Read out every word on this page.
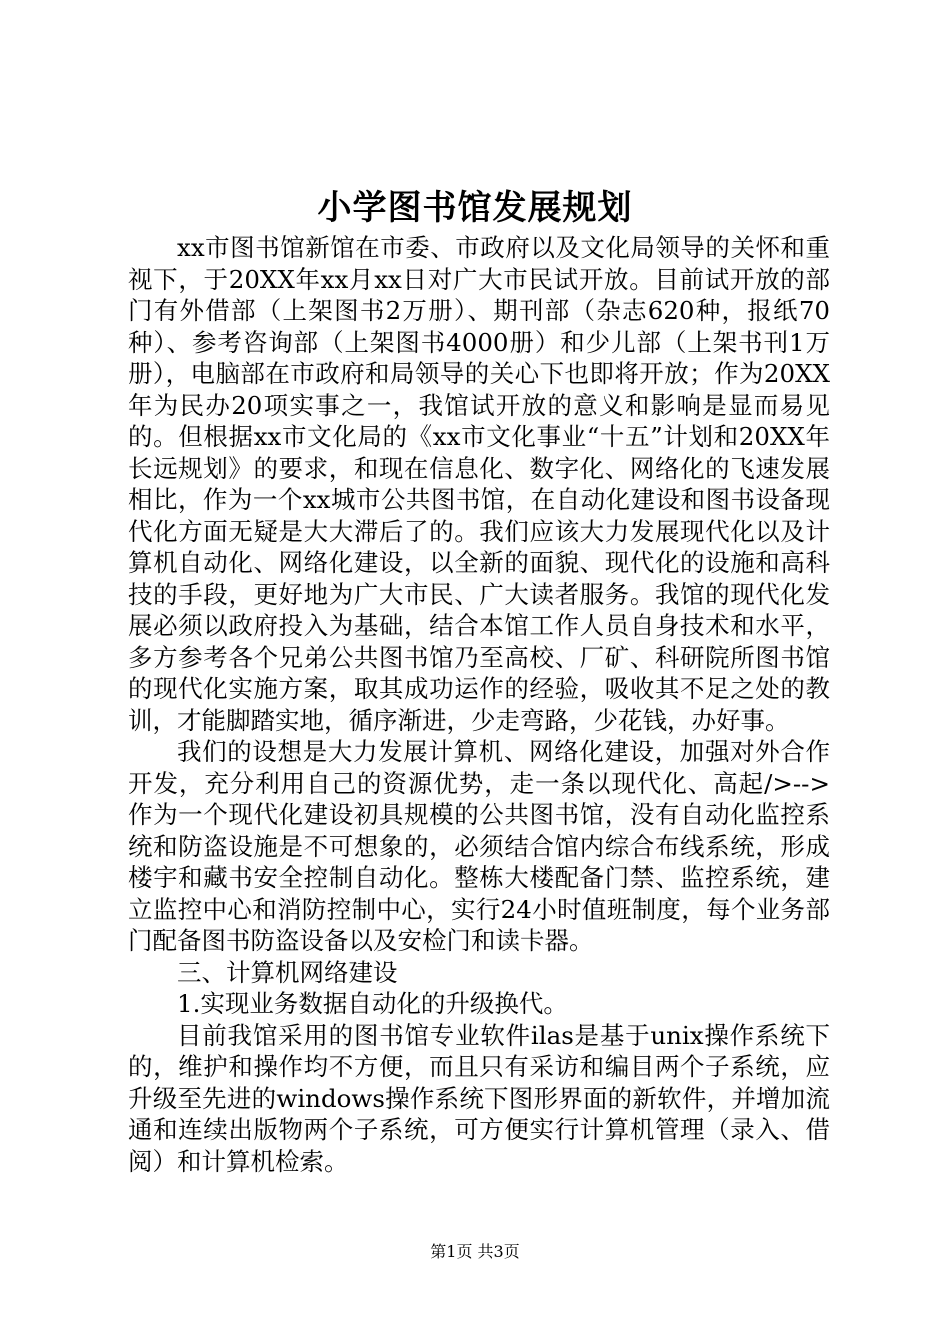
小学图书馆发展规划

xx市图书馆新馆在市委、市政府以及文化局领导的关怀和重视下，于20XX年xx月xx日对广大市民试开放。目前试开放的部门有外借部（上架图书2万册）、期刊部（杂志620种，报纸70种）、参考咨询部（上架图书4000册）和少儿部（上架书刊1万册），电脑部在市政府和局领导的关心下也即将开放；作为20XX年为民办20项实事之一，我馆试开放的意义和影响是显而易见的。但根据xx市文化局的《xx市文化事业“十五”计划和20XX年长远规划》的要求，和现在信息化、数字化、网络化的飞速发展相比，作为一个xx城市公共图书馆，在自动化建设和图书设备现代化方面无疑是大大滞后了的。我们应该大力发展现代化以及计算机自动化、网络化建设，以全新的面貌、现代化的设施和高科技的手段，更好地为广大市民、广大读者服务。我馆的现代化发展必须以政府投入为基础，结合本馆工作人员自身技术和水平，多方参考各个兄弟公共图书馆乃至高校、厂矿、科研院所图书馆的现代化实施方案，取其成功运作的经验，吸收其不足之处的教训，才能脚踏实地，循序渐进，少走弯路，少花钱，办好事。

我们的设想是大力发展计算机、网络化建设，加强对外合作开发，充分利用自己的资源优势，走一条以现代化、高起/>-->作为一个现代化建设初具规模的公共图书馆，没有自动化监控系统和防盗设施是不可想象的，必须结合馆内综合布线系统，形成楼宇和藏书安全控制自动化。整栋大楼配备门禁、监控系统，建立监控中心和消防控制中心，实行24小时值班制度，每个业务部门配备图书防盗设备以及安检门和读卡器。

三、计算机网络建设

1.实现业务数据自动化的升级换代。

目前我馆采用的图书馆专业软件ilas是基于unix操作系统下的，维护和操作均不方便，而且只有采访和编目两个子系统，应升级至先进的windows操作系统下图形界面的新软件，并增加流通和连续出版物两个子系统，可方便实行计算机管理（录入、借阅）和计算机检索。

第1页 共3页
